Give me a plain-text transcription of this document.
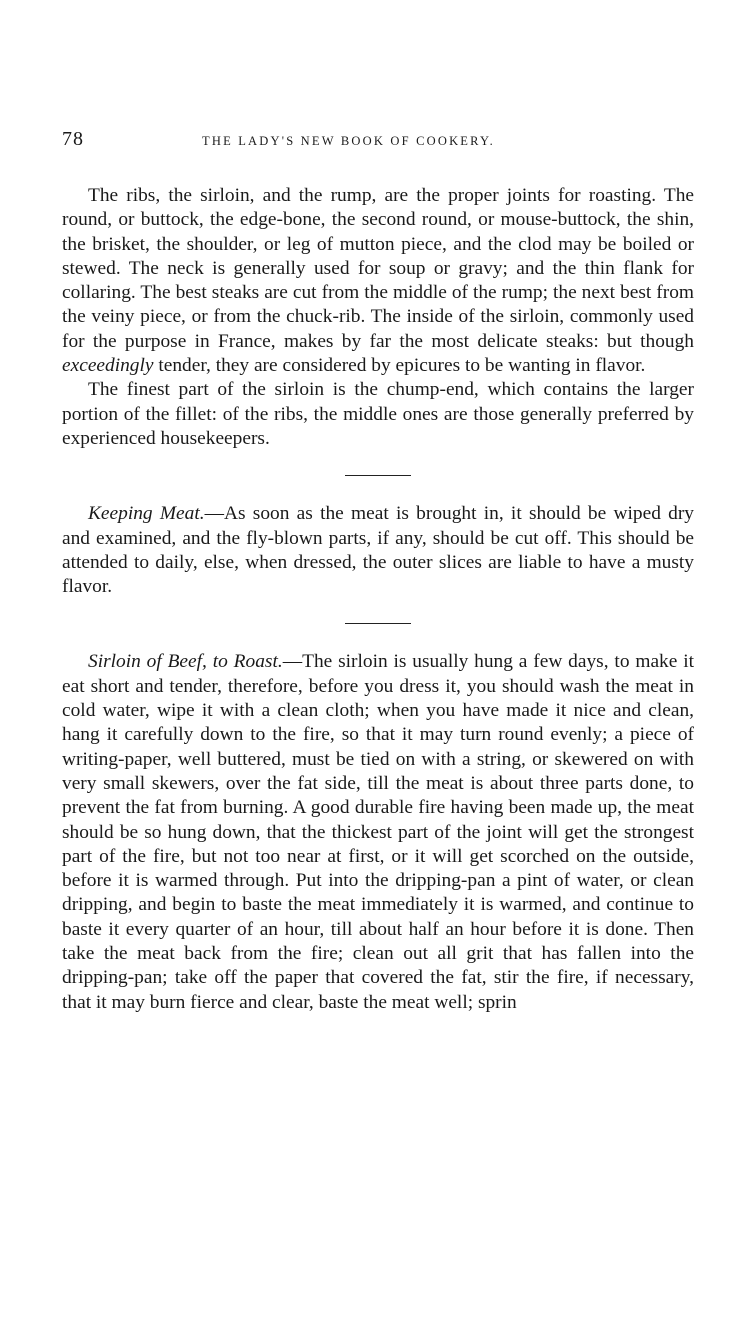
78	THE LADY'S NEW BOOK OF COOKERY.

The ribs, the sirloin, and the rump, are the proper joints for roasting. The round, or buttock, the edge-bone, the second round, or mouse-buttock, the shin, the brisket, the shoulder, or leg of mutton piece, and the clod may be boiled or stewed. The neck is generally used for soup or gravy; and the thin flank for collaring. The best steaks are cut from the middle of the rump; the next best from the veiny piece, or from the chuck-rib. The inside of the sirloin, commonly used for the purpose in France, makes by far the most delicate steaks: but though exceedingly tender, they are considered by epicures to be wanting in flavor.

The finest part of the sirloin is the chump-end, which contains the larger portion of the fillet: of the ribs, the middle ones are those generally preferred by experienced housekeepers.

Keeping Meat.—As soon as the meat is brought in, it should be wiped dry and examined, and the fly-blown parts, if any, should be cut off. This should be attended to daily, else, when dressed, the outer slices are liable to have a musty flavor.

Sirloin of Beef, to Roast.—The sirloin is usually hung a few days, to make it eat short and tender, therefore, before you dress it, you should wash the meat in cold water, wipe it with a clean cloth; when you have made it nice and clean, hang it carefully down to the fire, so that it may turn round evenly; a piece of writing-paper, well buttered, must be tied on with a string, or skewered on with very small skewers, over the fat side, till the meat is about three parts done, to prevent the fat from burning. A good durable fire having been made up, the meat should be so hung down, that the thickest part of the joint will get the strongest part of the fire, but not too near at first, or it will get scorched on the outside, before it is warmed through. Put into the dripping-pan a pint of water, or clean dripping, and begin to baste the meat immediately it is warmed, and continue to baste it every quarter of an hour, till about half an hour before it is done. Then take the meat back from the fire; clean out all grit that has fallen into the dripping-pan; take off the paper that covered the fat, stir the fire, if necessary, that it may burn fierce and clear, baste the meat well; sprin
